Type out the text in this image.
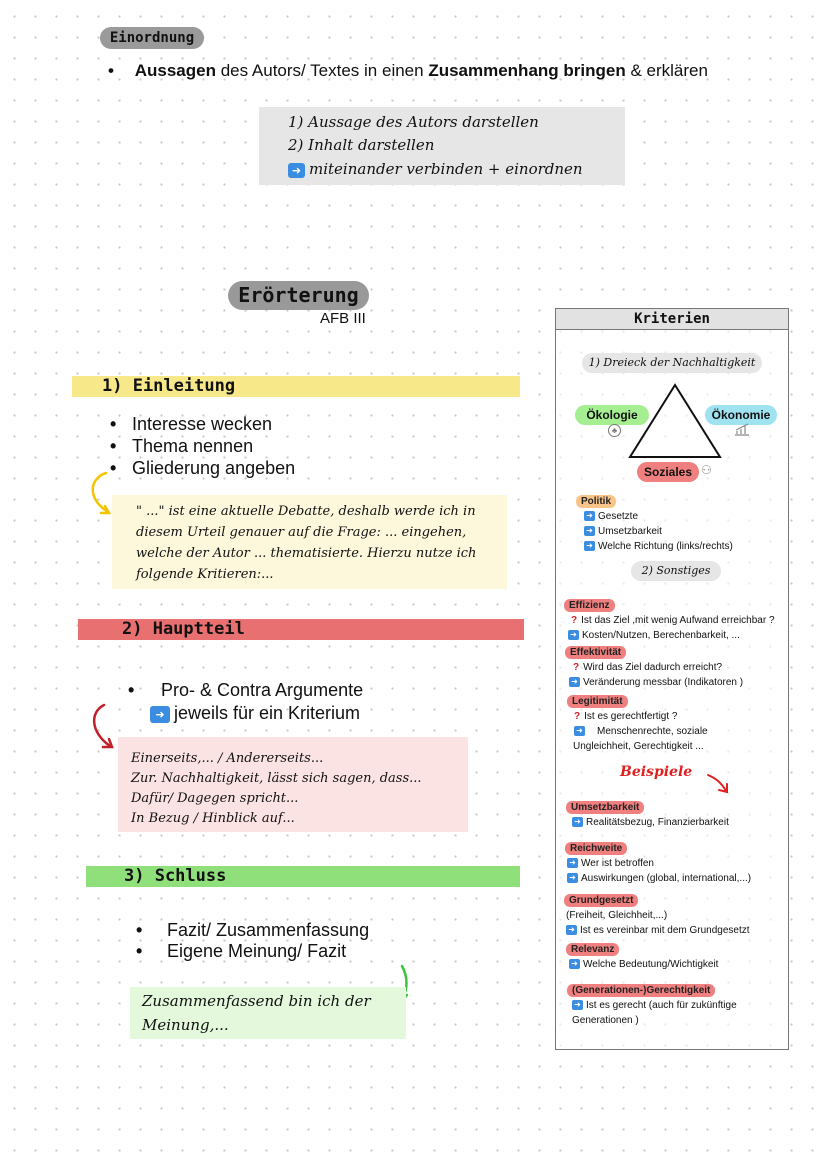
Einordnung
• Aussagen des Autors/ Textes in einen Zusammenhang bringen & erklären
1) Aussage des Autors darstellen
2) Inhalt darstellen
➜ miteinander verbinden + einordnen
Erörterung
AFB III
1) Einleitung
• Interesse wecken
• Thema nennen
• Gliederung angeben
" ..." ist eine aktuelle Debatte, deshalb werde ich in
diesem Urteil genauer auf die Frage: ... eingehen,
welche der Autor ... thematisierte. Hierzu nutze ich
folgende Kritieren:...
2) Hauptteil
• Pro- & Contra Argumente
➜ jeweils für ein Kriterium
Einerseits,... / Andererseits...
Zur. Nachhaltigkeit, lässt sich sagen, dass...
Dafür/ Dagegen spricht...
In Bezug / Hinblick auf...
3) Schluss
• Fazit/ Zusammenfassung
• Eigene Meinung/ Fazit
Zusammenfassend bin ich der
Meinung,...
Kriterien
1) Dreieck der Nachhaltigkeit
Ökologie
♣
Ökonomie
Soziales ⚇
Politik
➜ Gesetzte
➜ Umsetzbarkeit
➜ Welche Richtung (links/rechts)
2) Sonstiges
Effizienz
? Ist das Ziel ,mit wenig Aufwand erreichbar ?
➜ Kosten/Nutzen, Berechenbarkeit, ...
Effektivität
? Wird das Ziel dadurch erreicht?
➜ Veränderung messbar (Indikatoren )
Legitimität
? Ist es gerechtfertigt ?
➜ Menschenrechte, soziale
Ungleichheit, Gerechtigkeit ...
Beispiele
Umsetzbarkeit
➜ Realitätsbezug, Finanzierbarkeit
Reichweite
➜ Wer ist betroffen
➜ Auswirkungen (global, international,...)
Grundgesetzt
(Freiheit, Gleichheit,...)
➜ Ist es vereinbar mit dem Grundgesetzt
Relevanz
➜ Welche Bedeutung/Wichtigkeit
(Generationen-)Gerechtigkeit
➜ Ist es gerecht (auch für zukünftige
Generationen )
